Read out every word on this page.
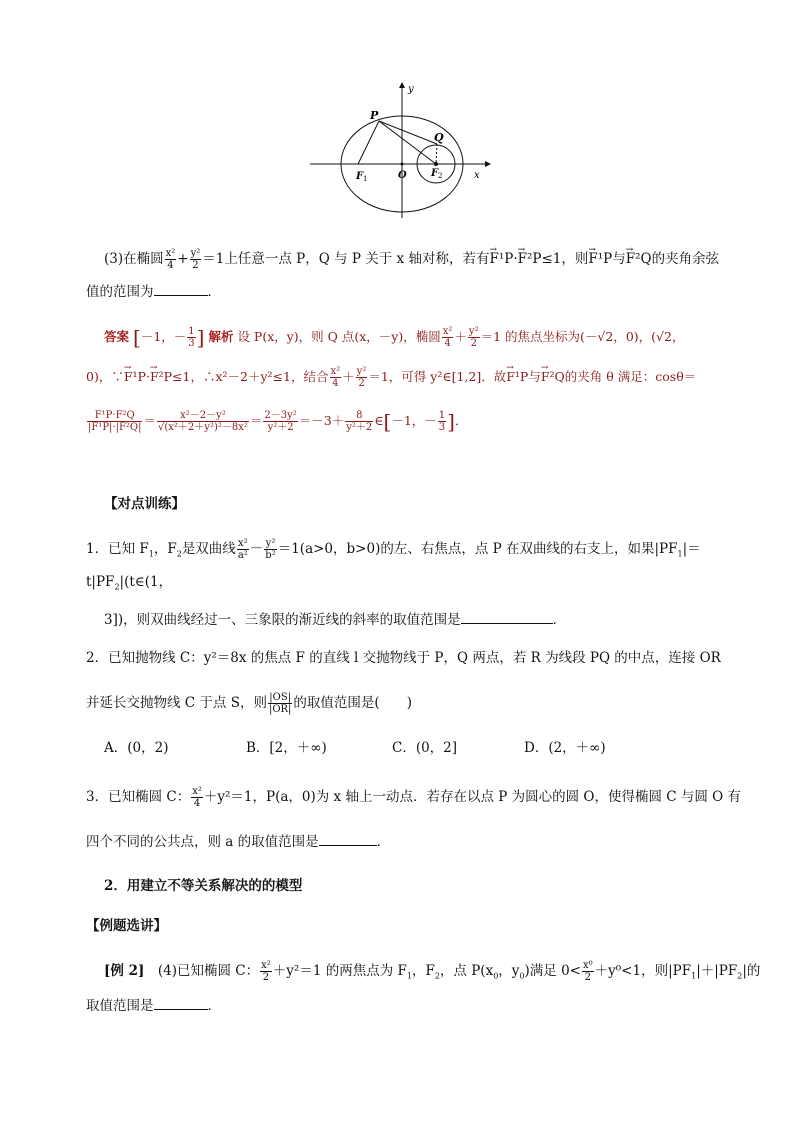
y
P
Q
F 1	O F 2	x
(3)在椭圆 $\frac{\text{x²}}{4} + \frac{\text{y²}}{2} =1$上任意一点 P，Q 与 P 关于 x 轴对称，若有→ F¹P·→ F²P≤1，则→ F¹P与→ F²Q的夹角余弦
值的范围为	．
答案 [－1，－ $\frac{1}{3}$ ] 解析 设 P(x，y)，则 Q 点(x，－y)，椭圆 $\frac{\text{x²}}{4} + \frac{\text{y²}}{2} =1$ 的焦点坐标为(－√2，0)，(√2，
0)，∵→ F¹P·→ F²P≤1，∴x²－2＋y²≤1，结合 $\frac{\text{x²}}{4} + \frac{\text{y²}}{2} =1$，可得 y²∈[1,2]．故→ F¹P与→ F²Q的夹角 θ 满足：cosθ＝
$\frac{\text{F¹P·F²Q}}{\text{|F¹P|·|F²Q|}} = \frac{\text{x²－2－y²}}{\text{√(x²＋2＋y²)²－8x²}} = \frac{\text{2－3y²}}{\text{y²＋2}} =-3+ \frac{8}{\text{y²＋2}}$ ∈[－1，－ $\frac{1}{3}$ ]．
【对点训练】
1．已知 $F_1$，$F_2$是双曲线 $\frac{\text{x²}}{\text{a²}} - \frac{\text{y²}}{\text{b²}} =1(a>0$，b>0)的左、右焦点，点 P 在双曲线的右支上，如果$|PF_1|=$
$t|PF_2|(t\in(1$，
3])，则双曲线经过一、三象限的渐近线的斜率的取值范围是	．
2．已知抛物线 C：y²＝8x 的焦点 F 的直线 l 交抛物线于 P，Q 两点，若 R 为线段 PQ 的中点，连接 OR
并延长交抛物线 C 于点 S，则 $\frac{|OS|}{|OR|}$ 的取值范围是(　　)
A．(0，2)	B．[2，＋∞)	C．(0，2]	D．(2，＋∞)
3．已知椭圆 C： $\frac{\text{x²}}{4} +y^2=1$，P(a，0)为 x 轴上一动点．若存在以点 P 为圆心的圆 O，使得椭圆 C 与圆 O 有
四个不同的公共点，则 a 的取值范围是	．
2．用建立不等关系解决的的模型
【例题选讲】
[例 2]　 (4)已知椭圆 C： $\frac{\text{x²}}{2} +y^2=1$ 的两焦点为 $F_1$，$F_2$，点 $P(x_0$，$y_0$)满足 $0< \frac{\text{x⁰}}{2} +y^0<1$，则$|PF_1|+|PF_2|$的
取值范围是	．
